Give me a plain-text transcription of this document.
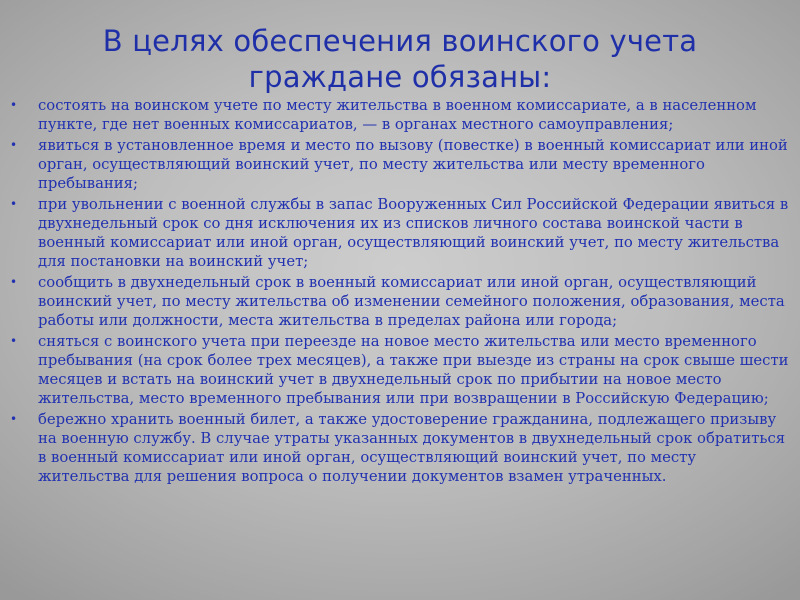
В целях обеспечения воинского учета
граждане обязаны:
•	состоять на воинском учете по месту жительства в военном комиссариате, а в населенном пункте, где нет военных комиссариатов, — в органах местного самоуправления;
•	явиться в установленное время и место по вызову (повестке) в военный комиссариат или иной орган, осуществляющий воинский учет, по месту жительства или месту временного пребывания;
•	при увольнении с военной службы в запас Вооруженных Сил Российской Федерации явиться в двухнедельный срок со дня исключения их из списков личного состава воинской части в военный комиссариат или иной орган, осуществляющий воинский учет, по месту жительства для постановки на воинский учет;
•	сообщить в двухнедельный срок в военный комиссариат или иной орган, осуществляющий воинский учет, по месту жительства об изменении семейного положения, образования, места работы или должности, места жительства в пределах района или города;
•	сняться с воинского учета при переезде на новое место жительства или место временного пребывания (на срок более трех месяцев), а также при выезде из страны на срок свыше шести месяцев и встать на воинский учет в двухнедельный срок по прибытии на новое место жительства, место временного пребывания или при возвращении в Российскую Федерацию;
•	бережно хранить военный билет, а также удостоверение гражданина, подлежащего призыву на военную службу. В случае утраты указанных документов в двухнедельный срок обратиться в военный комиссариат или иной орган, осуществляющий воинский учет, по месту жительства для решения вопроса о получении документов взамен утраченных.
